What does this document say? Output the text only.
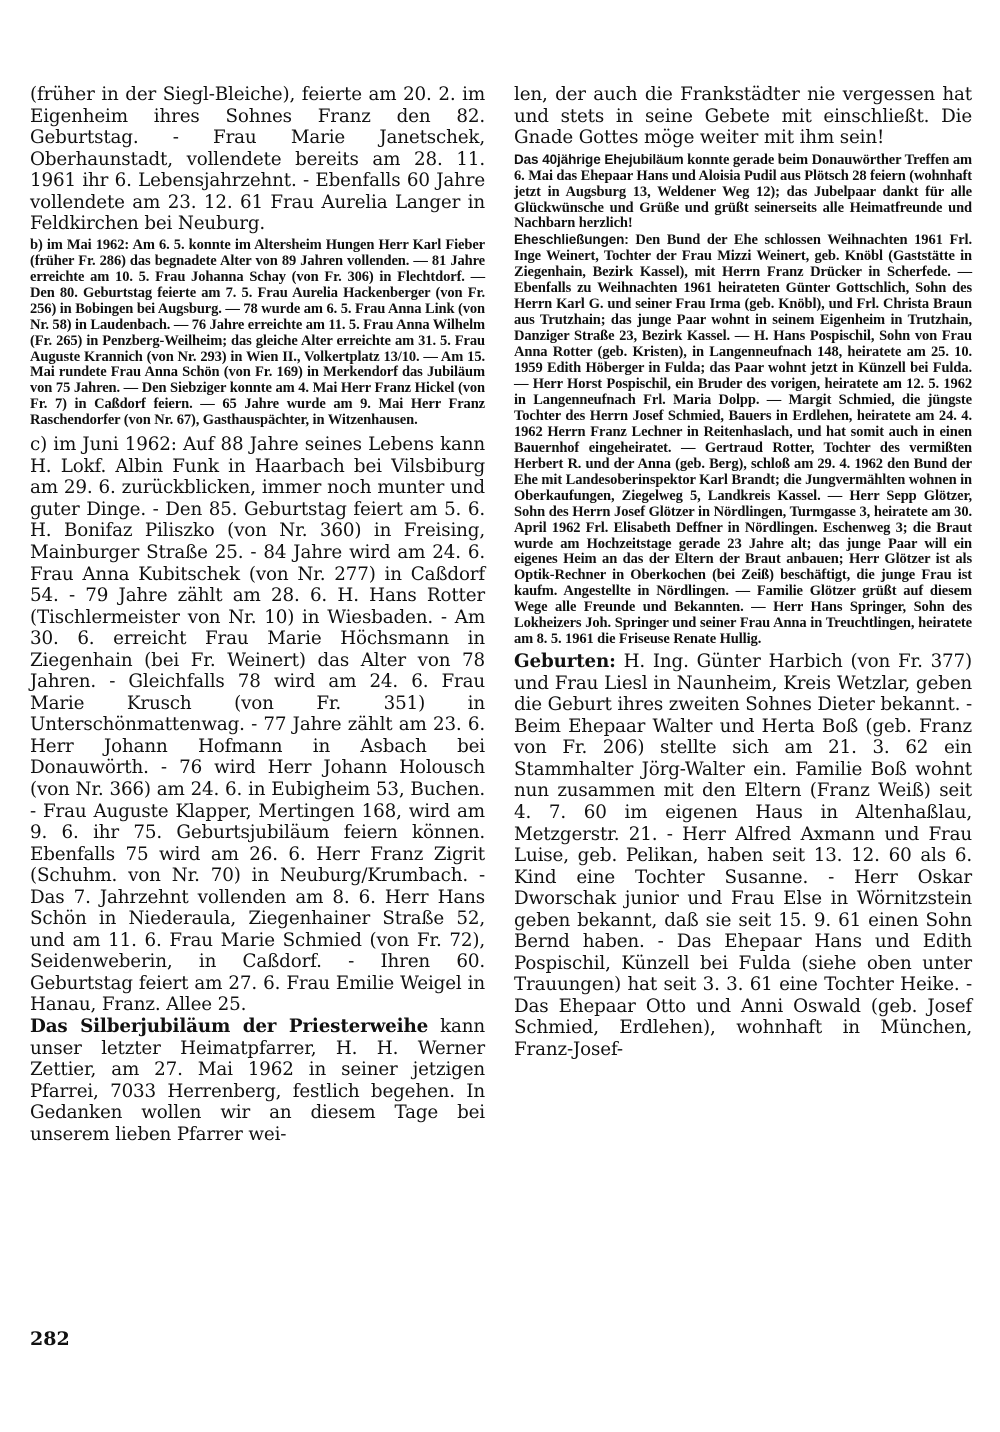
(früher in der Siegl-Bleiche), feierte am 20. 2. im Eigenheim ihres Sohnes Franz den 82. Geburtstag. - Frau Marie Janetschek, Oberhaunstadt, vollendete bereits am 28. 11. 1961 ihr 6. Lebensjahrzehnt. - Ebenfalls 60 Jahre vollendete am 23. 12. 61 Frau Aurelia Langer in Feldkirchen bei Neuburg.

b) im Mai 1962: Am 6. 5. konnte im Altersheim Hungen Herr Karl Fieber (früher Fr. 286) das begnadete Alter von 89 Jahren vollenden. — 81 Jahre erreichte am 10. 5. Frau Johanna Schay (von Fr. 306) in Flechtdorf. — Den 80. Geburtstag feierte am 7. 5. Frau Aurelia Hackenberger (von Fr. 256) in Bobingen bei Augsburg. — 78 wurde am 6. 5. Frau Anna Link (von Nr. 58) in Laudenbach. — 76 Jahre erreichte am 11. 5. Frau Anna Wilhelm (Fr. 265) in Penzberg-Weilheim; das gleiche Alter erreichte am 31. 5. Frau Auguste Krannich (von Nr. 293) in Wien II., Volkertplatz 13/10. — Am 15. Mai rundete Frau Anna Schön (von Fr. 169) in Merkendorf das Jubiläum von 75 Jahren. — Den Siebziger konnte am 4. Mai Herr Franz Hickel (von Fr. 7) in Caßdorf feiern. — 65 Jahre wurde am 9. Mai Herr Franz Raschendorfer (von Nr. 67), Gasthauspächter, in Witzenhausen.

c) im Juni 1962: Auf 88 Jahre seines Lebens kann H. Lokf. Albin Funk in Haarbach bei Vilsbiburg am 29. 6. zurückblicken, immer noch munter und guter Dinge. - Den 85. Geburtstag feiert am 5. 6. H. Bonifaz Piliszko (von Nr. 360) in Freising, Mainburger Straße 25. - 84 Jahre wird am 24. 6. Frau Anna Kubitschek (von Nr. 277) in Caßdorf 54. - 79 Jahre zählt am 28. 6. H. Hans Rotter (Tischlermeister von Nr. 10) in Wiesbaden. - Am 30. 6. erreicht Frau Marie Höchsmann in Ziegenhain (bei Fr. Weinert) das Alter von 78 Jahren. - Gleichfalls 78 wird am 24. 6. Frau Marie Krusch (von Fr. 351) in Unterschönmattenwag. - 77 Jahre zählt am 23. 6. Herr Johann Hofmann in Asbach bei Donauwörth. - 76 wird Herr Johann Holousch (von Nr. 366) am 24. 6. in Eubigheim 53, Buchen. - Frau Auguste Klapper, Mertingen 168, wird am 9. 6. ihr 75. Geburtsjubiläum feiern können. Ebenfalls 75 wird am 26. 6. Herr Franz Zigrit (Schuhm. von Nr. 70) in Neuburg/Krumbach. - Das 7. Jahrzehnt vollenden am 8. 6. Herr Hans Schön in Niederaula, Ziegenhainer Straße 52, und am 11. 6. Frau Marie Schmied (von Fr. 72), Seidenweberin, in Caßdorf. - Ihren 60. Geburtstag feiert am 27. 6. Frau Emilie Weigel in Hanau, Franz. Allee 25.

Das Silberjubiläum der Priesterweihe kann unser letzter Heimatpfarrer, H. H. Werner Zettier, am 27. Mai 1962 in seiner jetzigen Pfarrei, 7033 Herrenberg, festlich begehen. In Gedanken wollen wir an diesem Tage bei unserem lieben Pfarrer wei-

len, der auch die Frankstädter nie vergessen hat und stets in seine Gebete mit einschließt. Die Gnade Gottes möge weiter mit ihm sein!

Das 40jährige Ehejubiläum konnte gerade beim Donauwörther Treffen am 6. Mai das Ehepaar Hans und Aloisia Pudil aus Plötsch 28 feiern (wohnhaft jetzt in Augsburg 13, Weldener Weg 12); das Jubelpaar dankt für alle Glückwünsche und Grüße und grüßt seinerseits alle Heimatfreunde und Nachbarn herzlich!

Eheschließungen: Den Bund der Ehe schlossen Weihnachten 1961 Frl. Inge Weinert, Tochter der Frau Mizzi Weinert, geb. Knöbl (Gaststätte in Ziegenhain, Bezirk Kassel), mit Herrn Franz Drücker in Scherfede. — Ebenfalls zu Weihnachten 1961 heirateten Günter Gottschlich, Sohn des Herrn Karl G. und seiner Frau Irma (geb. Knöbl), und Frl. Christa Braun aus Trutzhain; das junge Paar wohnt in seinem Eigenheim in Trutzhain, Danziger Straße 23, Bezirk Kassel. — H. Hans Pospischil, Sohn von Frau Anna Rotter (geb. Kristen), in Langenneufnach 148, heiratete am 25. 10. 1959 Edith Höberger in Fulda; das Paar wohnt jetzt in Künzell bei Fulda. — Herr Horst Pospischil, ein Bruder des vorigen, heiratete am 12. 5. 1962 in Langenneufnach Frl. Maria Dolpp. — Margit Schmied, die jüngste Tochter des Herrn Josef Schmied, Bauers in Erdlehen, heiratete am 24. 4. 1962 Herrn Franz Lechner in Reitenhaslach, und hat somit auch in einen Bauernhof eingeheiratet. — Gertraud Rotter, Tochter des vermißten Herbert R. und der Anna (geb. Berg), schloß am 29. 4. 1962 den Bund der Ehe mit Landesoberinspektor Karl Brandt; die Jungvermählten wohnen in Oberkaufungen, Ziegelweg 5, Landkreis Kassel. — Herr Sepp Glötzer, Sohn des Herrn Josef Glötzer in Nördlingen, Turmgasse 3, heiratete am 30. April 1962 Frl. Elisabeth Deffner in Nördlingen. Eschenweg 3; die Braut wurde am Hochzeitstage gerade 23 Jahre alt; das junge Paar will ein eigenes Heim an das der Eltern der Braut anbauen; Herr Glötzer ist als Optik-Rechner in Oberkochen (bei Zeiß) beschäftigt, die junge Frau ist kaufm. Angestellte in Nördlingen. — Familie Glötzer grüßt auf diesem Wege alle Freunde und Bekannten. — Herr Hans Springer, Sohn des Lokheizers Joh. Springer und seiner Frau Anna in Treuchtlingen, heiratete am 8. 5. 1961 die Friseuse Renate Hullig.

Geburten: H. Ing. Günter Harbich (von Fr. 377) und Frau Liesl in Naunheim, Kreis Wetzlar, geben die Geburt ihres zweiten Sohnes Dieter bekannt. - Beim Ehepaar Walter und Herta Boß (geb. Franz von Fr. 206) stellte sich am 21. 3. 62 ein Stammhalter Jörg-Walter ein. Familie Boß wohnt nun zusammen mit den Eltern (Franz Weiß) seit 4. 7. 60 im eigenen Haus in Altenhaßlau, Metzgerstr. 21. - Herr Alfred Axmann und Frau Luise, geb. Pelikan, haben seit 13. 12. 60 als 6. Kind eine Tochter Susanne. - Herr Oskar Dworschak junior und Frau Else in Wörnitzstein geben bekannt, daß sie seit 15. 9. 61 einen Sohn Bernd haben. - Das Ehepaar Hans und Edith Pospischil, Künzell bei Fulda (siehe oben unter Trauungen) hat seit 3. 3. 61 eine Tochter Heike. - Das Ehepaar Otto und Anni Oswald (geb. Josef Schmied, Erdlehen), wohnhaft in München, Franz-Josef-

282
